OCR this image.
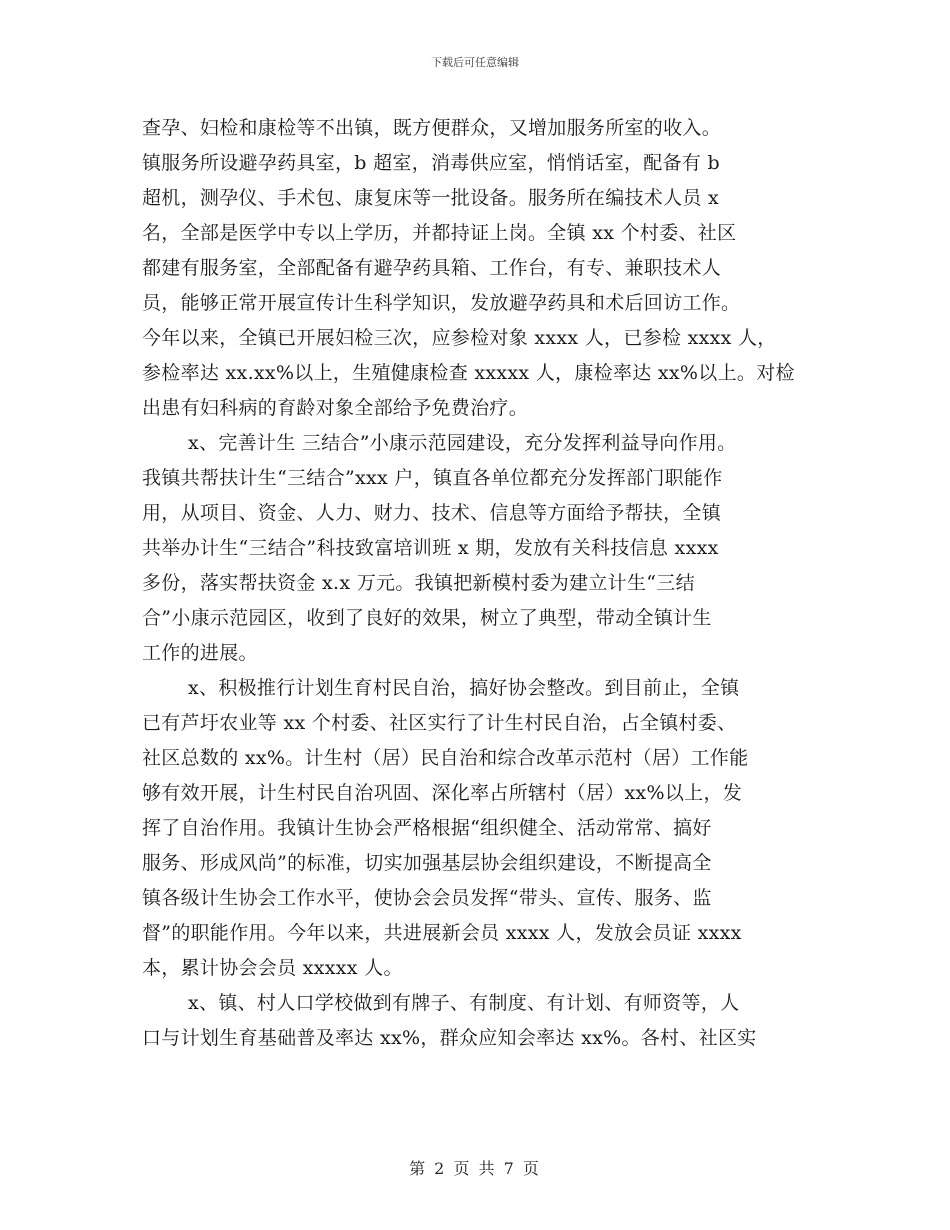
下载后可任意编辑
查孕、妇检和康检等不出镇，既方便群众，又增加服务所室的收入。
镇服务所设避孕药具室，b 超室，消毒供应室，悄悄话室，配备有 b
超机，测孕仪、手术包、康复床等一批设备。服务所在编技术人员 x
名，全部是医学中专以上学历，并都持证上岗。全镇 xx 个村委、社区
都建有服务室，全部配备有避孕药具箱、工作台，有专、兼职技术人
员，能够正常开展宣传计生科学知识，发放避孕药具和术后回访工作。
今年以来，全镇已开展妇检三次，应参检对象 xxxx 人，已参检 xxxx 人，
参检率达 xx.xx%以上，生殖健康检查 xxxxx 人，康检率达 xx%以上。对检
出患有妇科病的育龄对象全部给予免费治疗。
x、完善计生 三结合”小康示范园建设，充分发挥利益导向作用。
我镇共帮扶计生“三结合”xxx 户，镇直各单位都充分发挥部门职能作
用，从项目、资金、人力、财力、技术、信息等方面给予帮扶，全镇
共举办计生“三结合”科技致富培训班 x 期，发放有关科技信息 xxxx
多份，落实帮扶资金 x.x 万元。我镇把新模村委为建立计生“三结
合”小康示范园区，收到了良好的效果，树立了典型，带动全镇计生
工作的进展。
x、积极推行计划生育村民自治，搞好协会整改。到目前止，全镇
已有芦圩农业等 xx 个村委、社区实行了计生村民自治，占全镇村委、
社区总数的 xx%。计生村（居）民自治和综合改革示范村（居）工作能
够有效开展，计生村民自治巩固、深化率占所辖村（居）xx%以上，发
挥了自治作用。我镇计生协会严格根据“组织健全、活动常常、搞好
服务、形成风尚”的标准，切实加强基层协会组织建设，不断提高全
镇各级计生协会工作水平，使协会会员发挥“带头、宣传、服务、监
督”的职能作用。今年以来，共进展新会员 xxxx 人，发放会员证 xxxx
本，累计协会会员 xxxxx 人。
x、镇、村人口学校做到有牌子、有制度、有计划、有师资等，人
口与计划生育基础普及率达 xx%，群众应知会率达 xx%。各村、社区实
第 2 页 共 7 页
